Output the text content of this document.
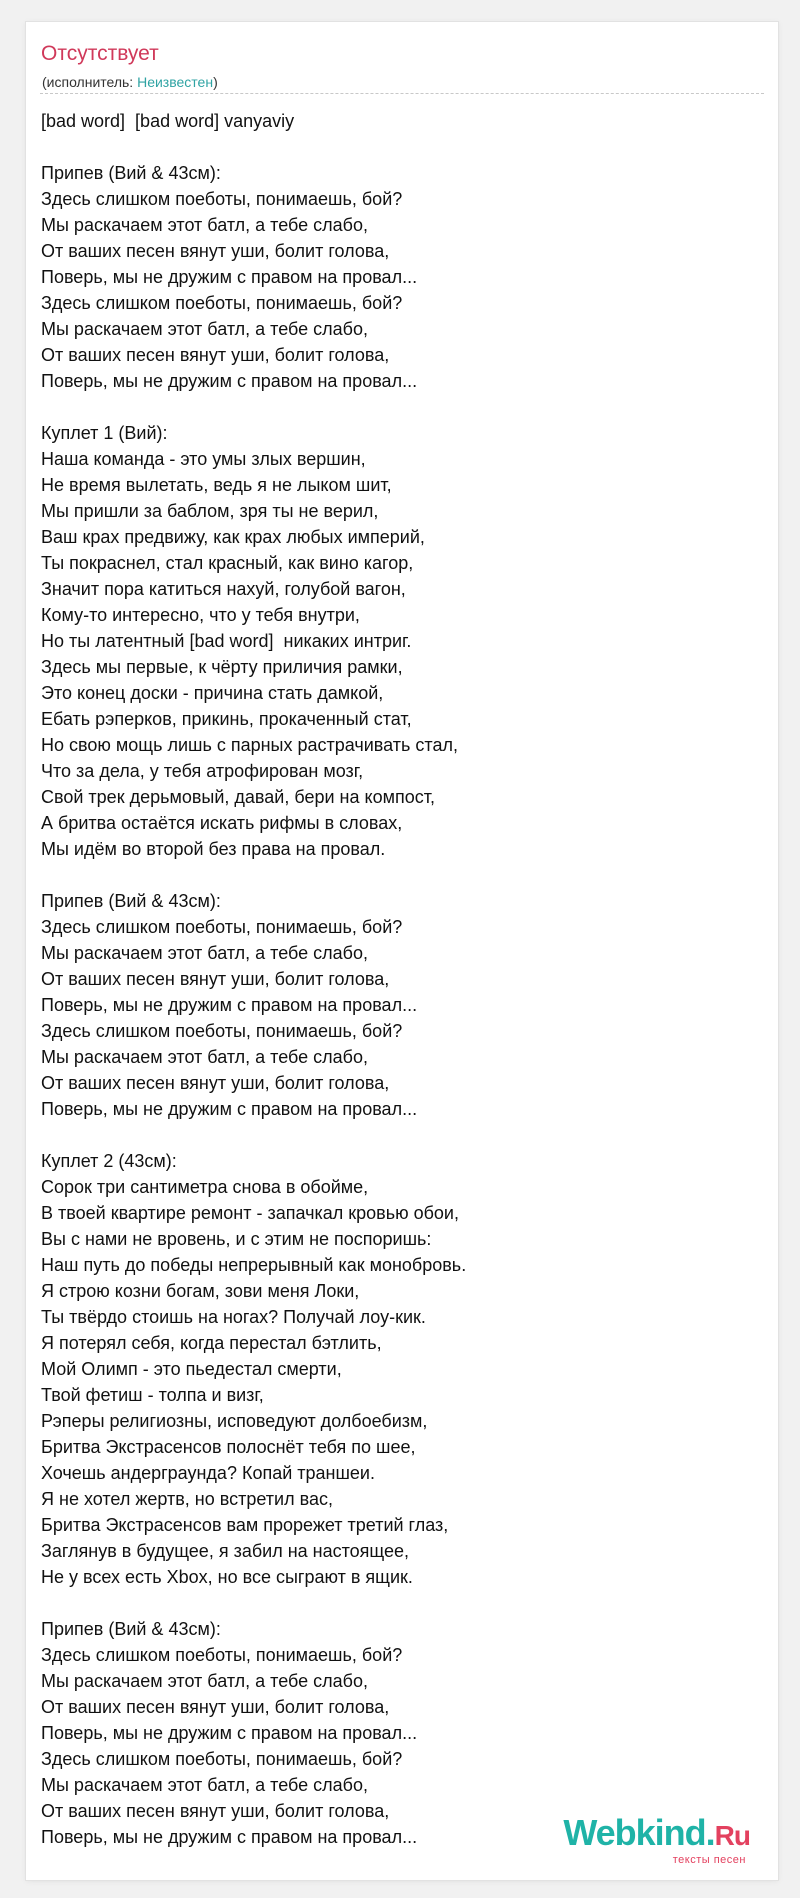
Отсутствует
(исполнитель: Неизвестен)
[bad word]  [bad word] vanyaviy
Припев (Вий & 43см):
Здесь слишком поеботы, понимаешь, бой?
Мы раскачаем этот батл, а тебе слабо,
От ваших песен вянут уши, болит голова,
Поверь, мы не дружим с правом на провал...
Здесь слишком поеботы, понимаешь, бой?
Мы раскачаем этот батл, а тебе слабо,
От ваших песен вянут уши, болит голова,
Поверь, мы не дружим с правом на провал...
Куплет 1 (Вий):
Наша команда - это умы злых вершин,
Не время вылетать, ведь я не лыком шит,
Мы пришли за баблом, зря ты не верил,
Ваш крах предвижу, как крах любых империй,
Ты покраснел, стал красный, как вино кагор,
Значит пора катиться нахуй, голубой вагон,
Кому-то интересно, что у тебя внутри,
Но ты латентный [bad word]  никаких интриг.
Здесь мы первые, к чёрту приличия рамки,
Это конец доски - причина стать дамкой,
Ебать рэперков, прикинь, прокаченный стат,
Но свою мощь лишь с парных растрачивать стал,
Что за дела, у тебя атрофирован мозг,
Свой трек дерьмовый, давай, бери на компост,
А бритва остаётся искать рифмы в словах,
Мы идём во второй без права на провал.
Припев (Вий & 43см):
Здесь слишком поеботы, понимаешь, бой?
Мы раскачаем этот батл, а тебе слабо,
От ваших песен вянут уши, болит голова,
Поверь, мы не дружим с правом на провал...
Здесь слишком поеботы, понимаешь, бой?
Мы раскачаем этот батл, а тебе слабо,
От ваших песен вянут уши, болит голова,
Поверь, мы не дружим с правом на провал...
Куплет 2 (43см):
Сорок три сантиметра снова в обойме,
В твоей квартире ремонт - запачкал кровью обои,
Вы с нами не вровень, и с этим не поспоришь:
Наш путь до победы непрерывный как монобровь.
Я строю козни богам, зови меня Локи,
Ты твёрдо стоишь на ногах? Получай лоу-кик.
Я потерял себя, когда перестал бэтлить,
Мой Олимп - это пьедестал смерти,
Твой фетиш - толпа и визг,
Рэперы религиозны, исповедуют долбоебизм,
Бритва Экстрасенсов полоснёт тебя по шее,
Хочешь андерграунда? Копай траншеи.
Я не хотел жертв, но встретил вас,
Бритва Экстрасенсов вам прорежет третий глаз,
Заглянув в будущее, я забил на настоящее,
Не у всех есть Xbox, но все сыграют в ящик.
Припев (Вий & 43см):
Здесь слишком поеботы, понимаешь, бой?
Мы раскачаем этот батл, а тебе слабо,
От ваших песен вянут уши, болит голова,
Поверь, мы не дружим с правом на провал...
Здесь слишком поеботы, понимаешь, бой?
Мы раскачаем этот батл, а тебе слабо,
От ваших песен вянут уши, болит голова,
Поверь, мы не дружим с правом на провал...	Webkind.Ru
тексты песен
